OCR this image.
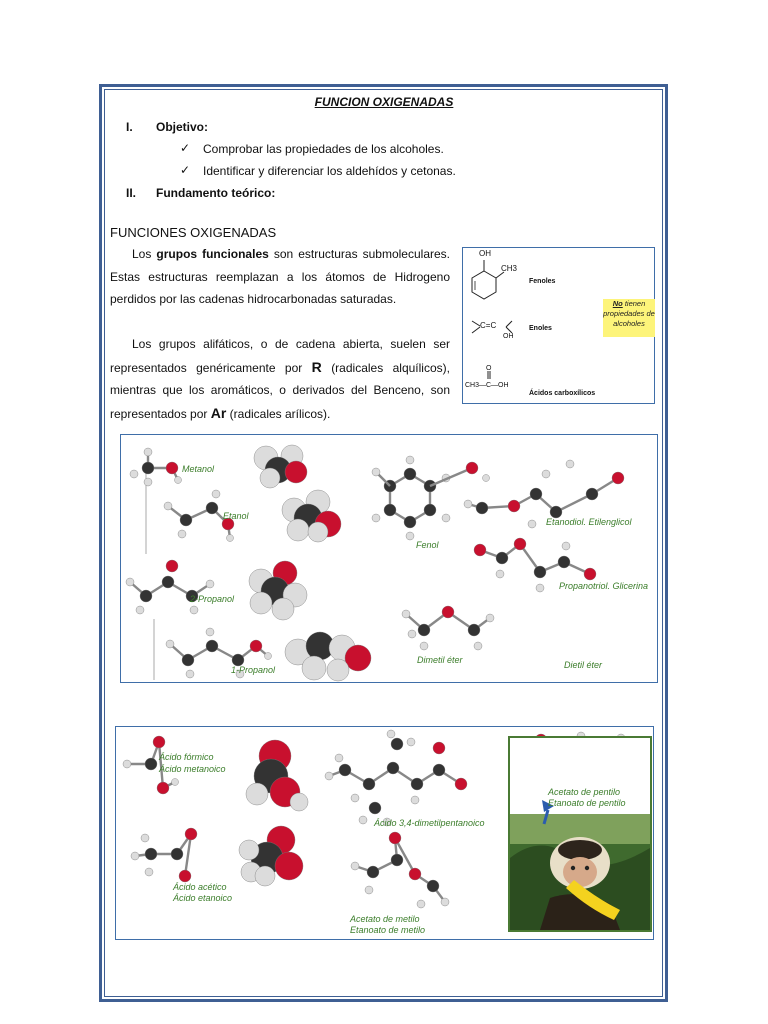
FUNCION OXIGENADAS
I. Objetivo:
✓ Comprobar las propiedades de los alcoholes.
✓ Identificar y diferenciar los aldehídos y cetonas.
II. Fundamento teórico:
FUNCIONES OXIGENADAS
Los grupos funcionales son estructuras submoleculares. Estas estructuras reemplazan a los átomos de Hidrogeno perdidos por las cadenas hidrocarbonadas saturadas.
Los grupos alifáticos, o de cadena abierta, suelen ser representados genéricamente por R (radicales alquílicos), mientras que los aromáticos, o derivados del Benceno, son representados por Ar (radicales arílicos).
OH
CH3
C=C
OH
O
CH3—C—OH
Fenoles
Enoles
Ácidos carboxílicos
No tienen propiedades de alcoholes
Metanol
Etanol
2-Propanol
1-Propanol
Fenol
Etanodiol. Etilenglicol
Propanotriol. Glicerina
Dimetil éter	Dietil éter
Ácido fórmico
Ácido metanoico
Ácido 3,4-dimetilpentanoico
Ácido acético
Ácido etanoico
Acetato de metilo
Etanoato de metilo
Acetato de pentilo
Etanoato de pentilo
